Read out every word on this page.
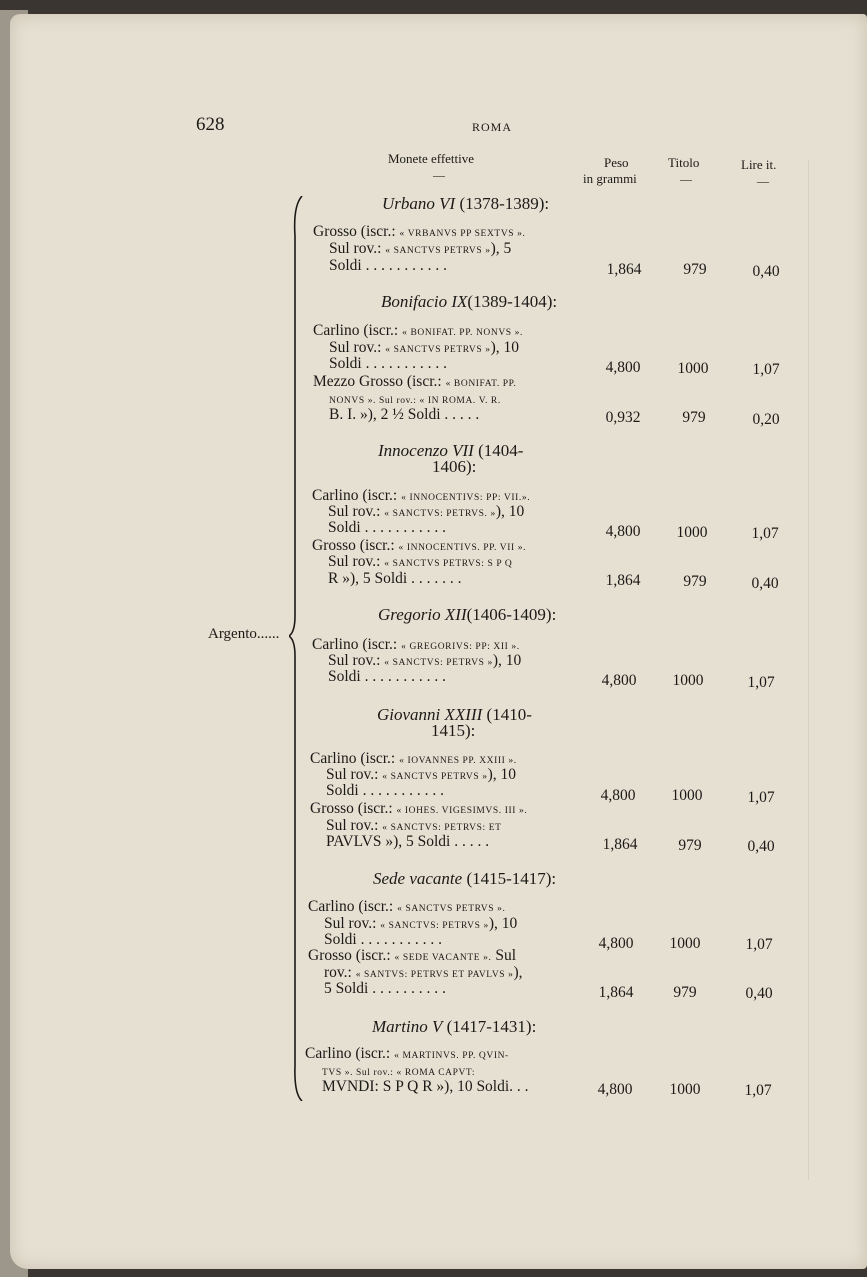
628	ROMA
Monete effettive
—
Peso
in grammi
Titolo
—
Lire it.
—
Argento......
Urbano VI (1378-1389):
Bonifacio IX(1389-1404):
Innocenzo VII (1404-
1406):
Gregorio XII(1406-1409):
Giovanni XXIII (1410-
1415):
Sede vacante (1415-1417):
Martino V (1417-1431):
Grosso (iscr.: « VRBANVS PP SEXTVS ».
Sul rov.: « SANCTVS PETRVS »), 5
Soldi . . . . . . . . . . .	1,864	979	0,40
Carlino (iscr.: « BONIFAT. PP. NONVS ».
Sul rov.: « SANCTVS PETRVS »), 10
Soldi . . . . . . . . . . .	4,800	1000	1,07
Mezzo Grosso (iscr.: « BONIFAT. PP.
NONVS ». Sul rov.: « IN ROMA. V. R.
B. I. »), 2 ½ Soldi . . . . .	0,932	979	0,20
Carlino (iscr.: « INNOCENTIVS: PP: VII.».
Sul rov.: « SANCTVS: PETRVS. »), 10
Soldi . . . . . . . . . . .	4,800	1000	1,07
Grosso (iscr.: « INNOCENTIVS. PP. VII ».
Sul rov.: « SANCTVS PETRVS: S P Q
R »), 5 Soldi . . . . . . .	1,864	979	0,40
Carlino (iscr.: « GREGORIVS: PP: XII ».
Sul rov.: « SANCTVS: PETRVS »), 10
Soldi . . . . . . . . . . .	4,800	1000	1,07
Carlino (iscr.: « IOVANNES PP. XXIII ».
Sul rov.: « SANCTVS PETRVS »), 10
Soldi . . . . . . . . . . .	4,800	1000	1,07
Grosso (iscr.: « IOHES. VIGESIMVS. III ».
Sul rov.: « SANCTVS: PETRVS: ET
PAVLVS »), 5 Soldi . . . . .	1,864	979	0,40
Carlino (iscr.: « SANCTVS PETRVS ».
Sul rov.: « SANCTVS: PETRVS »), 10
Soldi . . . . . . . . . . .	4,800	1000	1,07
Grosso (iscr.: « SEDE VACANTE ». Sul
rov.: « SANTVS: PETRVS ET PAVLVS »),
5 Soldi . . . . . . . . . .	1,864	979	0,40
Carlino (iscr.: « MARTINVS. PP. QVIN-
TVS ». Sul rov.: « ROMA CAPVT:
MVNDI: S P Q R »), 10 Soldi. . .	4,800	1000	1,07
